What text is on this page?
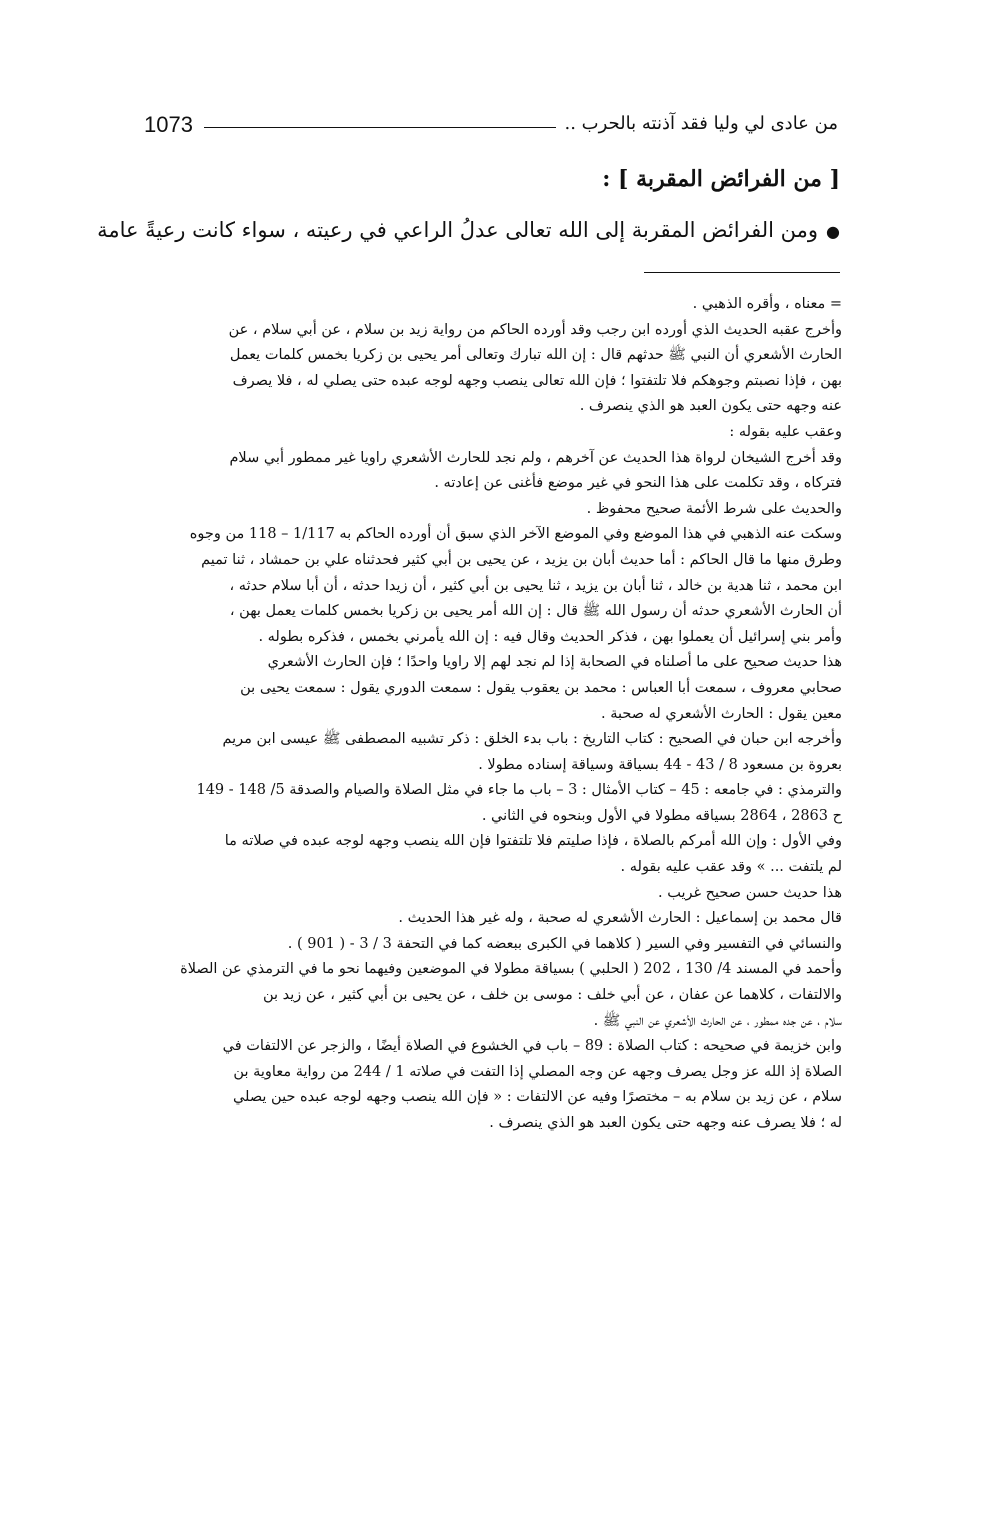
1073	من عادى لي وليا فقد آذنته بالحرب ..
[ من الفرائض المقربة ] :
●ومن الفرائض المقربة إلى الله تعالى عدلُ الراعي في رعيته ، سواء كانت رعيةً عامة
= معناه ، وأقره الذهبي .
وأخرج عقبه الحديث الذي أورده ابن رجب وقد أورده الحاكم من رواية زيد بن سلام ، عن أبي سلام ، عن
الحارث الأشعري أن النبي ﷺ حدثهم قال : إن الله تبارك وتعالى أمر يحيى بن زكريا بخمس كلمات يعمل
بهن ، فإذا نصبتم وجوهكم فلا تلتفتوا ؛ فإن الله تعالى ينصب وجهه لوجه عبده حتى يصلي له ، فلا يصرف
عنه وجهه حتى يكون العبد هو الذي ينصرف .
وعقب عليه بقوله :
وقد أخرج الشيخان لرواة هذا الحديث عن آخرهم ، ولم نجد للحارث الأشعري راويا غير ممطور أبي سلام
فتركاه ، وقد تكلمت على هذا النحو في غير موضع فأغنى عن إعادته .
والحديث على شرط الأئمة صحيح محفوظ .
وسكت عنه الذهبي في هذا الموضع وفي الموضع الآخر الذي سبق أن أورده الحاكم به 1/117 – 118 من وجوه
وطرق منها ما قال الحاكم : أما حديث أبان بن يزيد ، عن يحيى بن أبي كثير فحدثناه علي بن حمشاد ، ثنا تميم
ابن محمد ، ثنا هدية بن خالد ، ثنا أبان بن يزيد ، ثنا يحيى بن أبي كثير ، أن زيدا حدثه ، أن أبا سلام حدثه ،
أن الحارث الأشعري حدثه أن رسول الله ﷺ قال : إن الله أمر يحيى بن زكريا بخمس كلمات يعمل بهن ،
وأمر بني إسرائيل أن يعملوا بهن ، فذكر الحديث وقال فيه : إن الله يأمرني بخمس ، فذكره بطوله .
هذا حديث صحيح على ما أصلناه في الصحابة إذا لم نجد لهم إلا راويا واحدًا ؛ فإن الحارث الأشعري
صحابي معروف ، سمعت أبا العباس : محمد بن يعقوب يقول : سمعت الدوري يقول : سمعت يحيى بن
معين يقول : الحارث الأشعري له صحبة .
وأخرجه ابن حبان في الصحيح : كتاب التاريخ : باب بدء الخلق : ذكر تشبيه المصطفى ﷺ عيسى ابن مريم
بعروة بن مسعود 8 / 43 - 44 بسياقة وسياقة إسناده مطولا .
والترمذي : في جامعه : 45 – كتاب الأمثال : 3 – باب ما جاء في مثل الصلاة والصيام والصدقة 5/ 148 - 149
ح 2863 ، 2864 بسياقه مطولا في الأول وبنحوه في الثاني .
وفي الأول : وإن الله أمركم بالصلاة ، فإذا صليتم فلا تلتفتوا فإن الله ينصب وجهه لوجه عبده في صلاته ما
لم يلتفت ... » وقد عقب عليه بقوله .
هذا حديث حسن صحيح غريب .
قال محمد بن إسماعيل : الحارث الأشعري له صحبة ، وله غير هذا الحديث .
والنسائي في التفسير وفي السير ( كلاهما في الكبرى ببعضه كما في التحفة 3 / 3 - ( 901 ) .
وأحمد في المسند 4/ 130 ، 202 ( الحلبي ) بسياقة مطولا في الموضعين وفيهما نحو ما في الترمذي عن الصلاة
والالتفات ، كلاهما عن عفان ، عن أبي خلف : موسى بن خلف ، عن يحيى بن أبي كثير ، عن زيد بن
سلام ، عن جده ممطور ، عن الحارث الأشعري عن النبي ﷺ .
وابن خزيمة في صحيحه : كتاب الصلاة : 89 – باب في الخشوع في الصلاة أيضًا ، والزجر عن الالتفات في
الصلاة إذ الله عز وجل يصرف وجهه عن وجه المصلي إذا التفت في صلاته 1 / 244 من رواية معاوية بن
سلام ، عن زيد بن سلام به – مختصرًا وفيه عن الالتفات : « فإن الله ينصب وجهه لوجه عبده حين يصلي
له ؛ فلا يصرف عنه وجهه حتى يكون العبد هو الذي ينصرف .
